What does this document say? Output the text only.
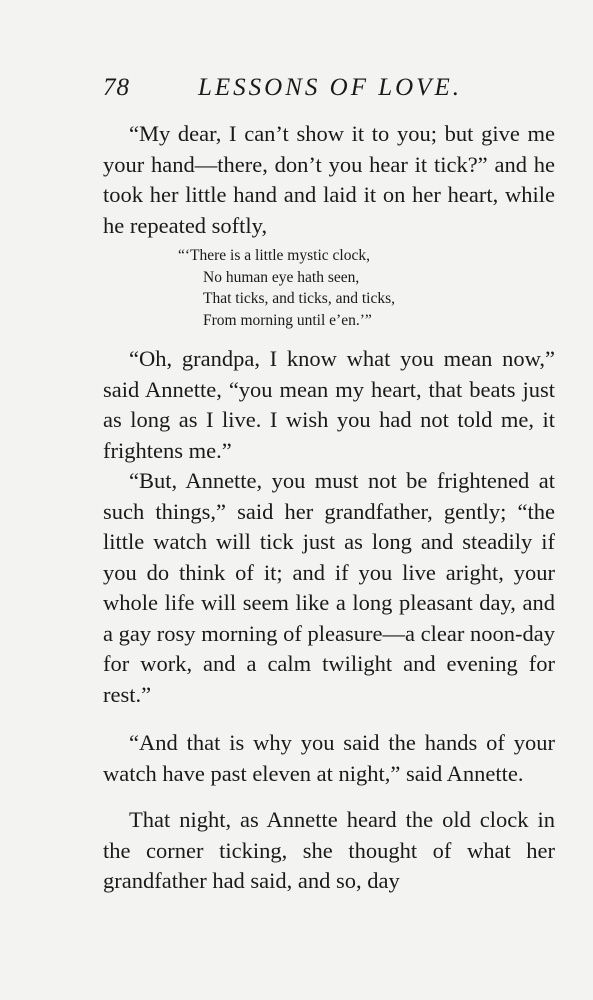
78	LESSONS OF LOVE.

“My dear, I can’t show it to you; but give me your hand—there, don’t you hear it tick?” and he took her little hand and laid it on her heart, while he repeated softly,

“‘There is a little mystic clock,
No human eye hath seen,
That ticks, and ticks, and ticks,
From morning until e’en.’”

“Oh, grandpa, I know what you mean now,” said Annette, “you mean my heart, that beats just as long as I live. I wish you had not told me, it frightens me.”

“But, Annette, you must not be frightened at such things,” said her grandfather, gently; “the little watch will tick just as long and steadily if you do think of it; and if you live aright, your whole life will seem like a long pleasant day, and a gay rosy morning of pleasure—a clear noon-day for work, and a calm twilight and evening for rest.”

“And that is why you said the hands of your watch have past eleven at night,” said Annette.

That night, as Annette heard the old clock in the corner ticking, she thought of what her grandfather had said, and so, day
